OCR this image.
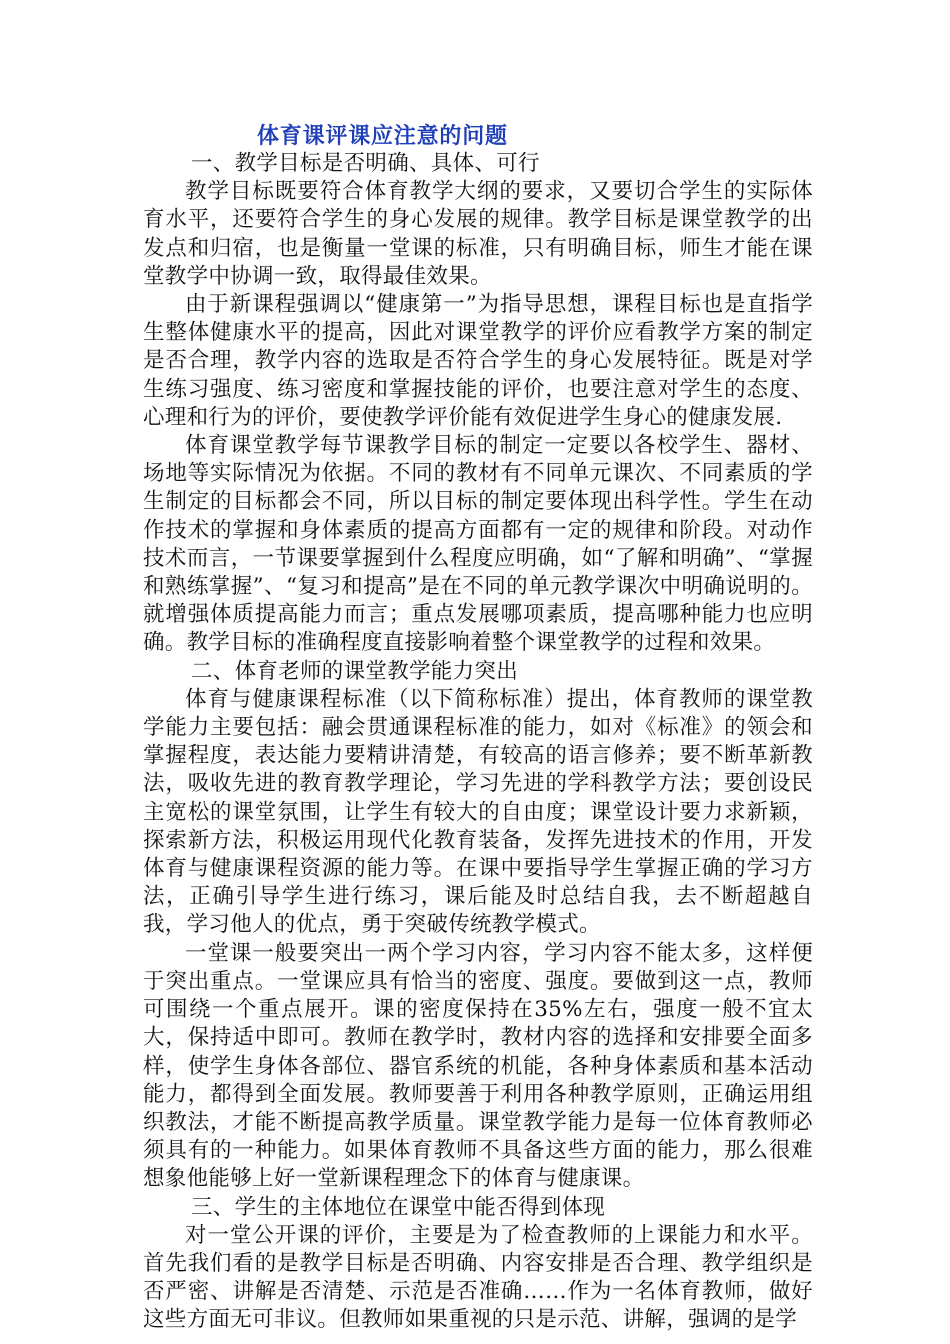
体育课评课应注意的问题

一、教学目标是否明确、具体、可行

教学目标既要符合体育教学大纲的要求，又要切合学生的实际体育水平，还要符合学生的身心发展的规律。教学目标是课堂教学的出发点和归宿，也是衡量一堂课的标准，只有明确目标，师生才能在课堂教学中协调一致，取得最佳效果。

由于新课程强调以“健康第一”为指导思想，课程目标也是直指学生整体健康水平的提高，因此对课堂教学的评价应看教学方案的制定是否合理，教学内容的选取是否符合学生的身心发展特征。既是对学生练习强度、练习密度和掌握技能的评价，也要注意对学生的态度、心理和行为的评价，要使教学评价能有效促进学生身心的健康发展.

体育课堂教学每节课教学目标的制定一定要以各校学生、器材、场地等实际情况为依据。不同的教材有不同单元课次、不同素质的学生制定的目标都会不同，所以目标的制定要体现出科学性。学生在动作技术的掌握和身体素质的提高方面都有一定的规律和阶段。对动作技术而言，一节课要掌握到什么程度应明确，如“了解和明确”、“掌握和熟练掌握”、“复习和提高”是在不同的单元教学课次中明确说明的。就增强体质提高能力而言；重点发展哪项素质，提高哪种能力也应明确。教学目标的准确程度直接影响着整个课堂教学的过程和效果。

二、体育老师的课堂教学能力突出

体育与健康课程标准（以下简称标准）提出，体育教师的课堂教学能力主要包括：融会贯通课程标准的能力，如对《标准》的领会和掌握程度，表达能力要精讲清楚，有较高的语言修养；要不断革新教法，吸收先进的教育教学理论，学习先进的学科教学方法；要创设民主宽松的课堂氛围，让学生有较大的自由度；课堂设计要力求新颖，探索新方法，积极运用现代化教育装备，发挥先进技术的作用，开发体育与健康课程资源的能力等。在课中要指导学生掌握正确的学习方法，正确引导学生进行练习，课后能及时总结自我，去不断超越自我，学习他人的优点，勇于突破传统教学模式。

一堂课一般要突出一两个学习内容，学习内容不能太多，这样便于突出重点。一堂课应具有恰当的密度、强度。要做到这一点，教师可围绕一个重点展开。课的密度保持在35%左右，强度一般不宜太大，保持适中即可。教师在教学时，教材内容的选择和安排要全面多样，使学生身体各部位、器官系统的机能，各种身体素质和基本活动能力，都得到全面发展。教师要善于利用各种教学原则，正确运用组织教法，才能不断提高教学质量。课堂教学能力是每一位体育教师必须具有的一种能力。如果体育教师不具备这些方面的能力，那么很难想象他能够上好一堂新课程理念下的体育与健康课。

三、学生的主体地位在课堂中能否得到体现

对一堂公开课的评价，主要是为了检查教师的上课能力和水平。首先我们看的是教学目标是否明确、内容安排是否合理、教学组织是否严密、讲解是否清楚、示范是否准确……作为一名体育教师，做好这些方面无可非议。但教师如果重视的只是示范、讲解，强调的是学
